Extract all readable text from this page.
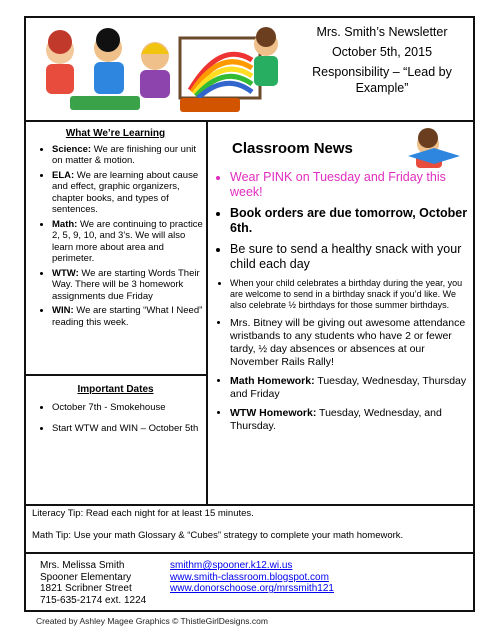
Mrs. Smith’s Newsletter
October 5th, 2015
Responsibility – “Lead by Example”
What We’re Learning
• Science: We are finishing our unit on matter & motion.
• ELA: We are learning about cause and effect, graphic organizers, chapter books, and types of sentences.
• Math: We are continuing to practice 2, 5, 9, 10, and 3’s. We will also learn more about area and perimeter.
• WTW: We are starting Words Their Way. There will be 3 homework assignments due Friday
• WIN: We are starting “What I Need” reading this week.
Important Dates
• October 7th - Smokehouse
• Start WTW and WIN – October 5th
Classroom News
• Wear PINK on Tuesday and Friday this week!
• Book orders are due tomorrow, October 6th.
• Be sure to send a healthy snack with your child each day
• When your child celebrates a birthday during the year, you are welcome to send in a birthday snack if you’d like. We also celebrate ½ birthdays for those summer birthdays.
• Mrs. Bitney will be giving out awesome attendance wristbands to any students who have 2 or fewer tardy, ½ day absences or absences at our November Rails Rally!
• Math Homework: Tuesday, Wednesday, Thursday and Friday
• WTW Homework: Tuesday, Wednesday, and Thursday.
Literacy Tip: Read each night for at least 15 minutes.
Math Tip: Use your math Glossary & “Cubes” strategy to complete your math homework.
Mrs. Melissa Smith
Spooner Elementary
1821 Scribner Street
715-635-2174 ext. 1224
smithm@spooner.k12.wi.us
www.smith-classroom.blogspot.com
www.donorschoose.org/mrssmith121
Created by Ashley Magee Graphics © ThistleGirlDesigns.com
